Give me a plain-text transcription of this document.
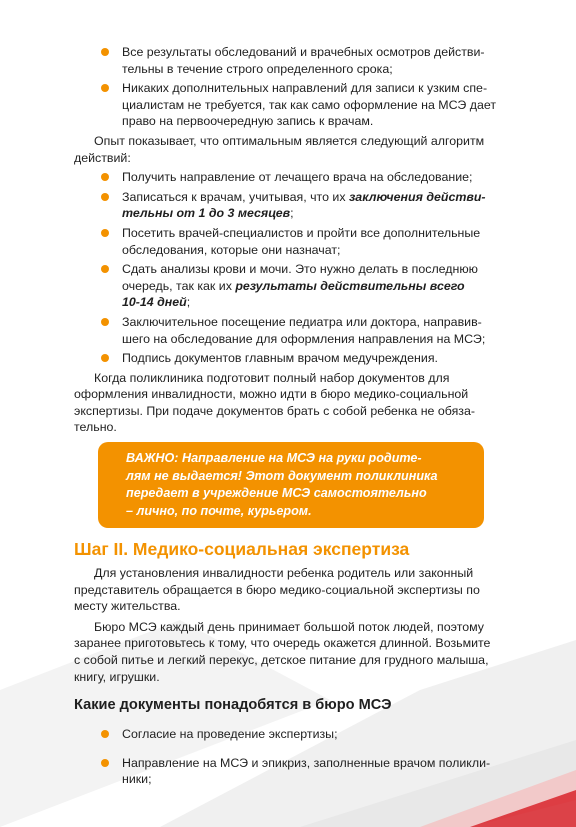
Все результаты обследований и врачебных осмотров действи-
тельны в течение строго определенного срока;
Никаких дополнительных направлений для записи к узким спе-
циалистам не требуется, так как само оформление на МСЭ дает
право на первоочередную запись к врачам.

Опыт показывает, что оптимальным является следующий алгоритм
действий:

Получить направление от лечащего врача на обследование;
Записаться к врачам, учитывая, что их заключения действи-
тельны от 1 до 3 месяцев;
Посетить врачей-специалистов и пройти все дополнительные
обследования, которые они назначат;
Сдать анализы крови и мочи. Это нужно делать в последнюю
очередь, так как их результаты действительны всего
10-14 дней;
Заключительное посещение педиатра или доктора, направив-
шего на обследование для оформления направления на МСЭ;
Подпись документов главным врачом медучреждения.

Когда поликлиника подготовит полный набор документов для
оформления инвалидности, можно идти в бюро медико-социальной
экспертизы. При подаче документов брать с собой ребенка не обяза-
тельно.

ВАЖНО: Направление на МСЭ на руки родите-
лям не выдается! Этот документ поликлиника
передает в учреждение МСЭ самостоятельно
– лично, по почте, курьером.
Шаг II. Медико-социальная экспертиза

Для установления инвалидности ребенка родитель или законный
представитель обращается в бюро медико-социальной экспертизы по
месту жительства.

Бюро МСЭ каждый день принимает большой поток людей, поэтому
заранее приготовьтесь к тому, что очередь окажется длинной. Возьмите
с собой питье и легкий перекус, детское питание для грудного малыша,
книгу, игрушки.

Какие документы понадобятся в бюро МСЭ
Согласие на проведение экспертизы;
Направление на МСЭ и эпикриз, заполненные врачом поликли-
ники;
